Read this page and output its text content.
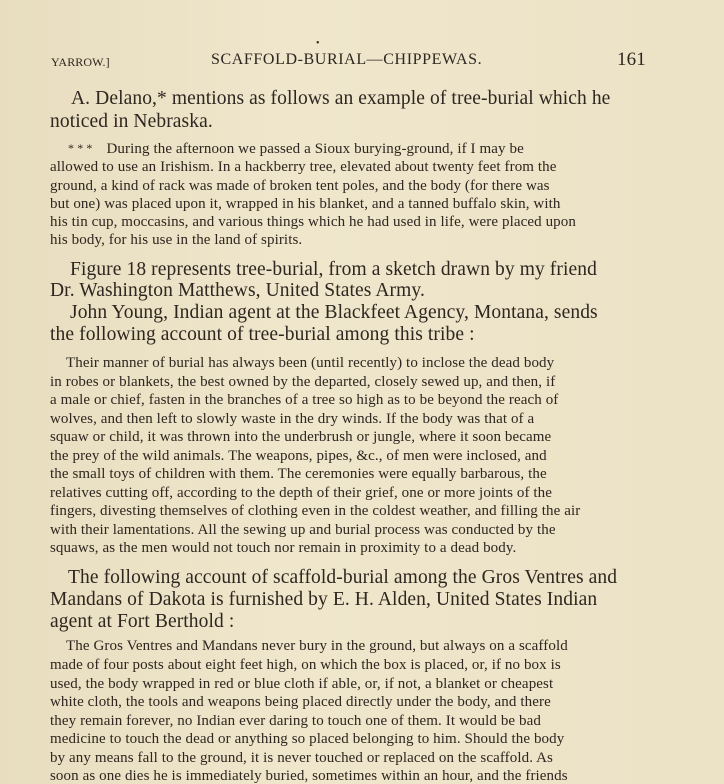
•
YARROW.]	SCAFFOLD-BURIAL—CHIPPEWAS.	161
A. Delano,* mentions as follows an example of tree-burial which he
noticed in Nebraska.
* * * During the afternoon we passed a Sioux burying-ground, if I may be
allowed to use an Irishism. In a hackberry tree, elevated about twenty feet from the
ground, a kind of rack was made of broken tent poles, and the body (for there was
but one) was placed upon it, wrapped in his blanket, and a tanned buffalo skin, with
his tin cup, moccasins, and various things which he had used in life, were placed upon
his body, for his use in the land of spirits.
Figure 18 represents tree-burial, from a sketch drawn by my friend
Dr. Washington Matthews, United States Army.
John Young, Indian agent at the Blackfeet Agency, Montana, sends
the following account of tree-burial among this tribe :
Their manner of burial has always been (until recently) to inclose the dead body
in robes or blankets, the best owned by the departed, closely sewed up, and then, if
a male or chief, fasten in the branches of a tree so high as to be beyond the reach of
wolves, and then left to slowly waste in the dry winds. If the body was that of a
squaw or child, it was thrown into the underbrush or jungle, where it soon became
the prey of the wild animals. The weapons, pipes, &c., of men were inclosed, and
the small toys of children with them. The ceremonies were equally barbarous, the
relatives cutting off, according to the depth of their grief, one or more joints of the
fingers, divesting themselves of clothing even in the coldest weather, and filling the air
with their lamentations. All the sewing up and burial process was conducted by the
squaws, as the men would not touch nor remain in proximity to a dead body.
The following account of scaffold-burial among the Gros Ventres and
Mandans of Dakota is furnished by E. H. Alden, United States Indian
agent at Fort Berthold :
The Gros Ventres and Mandans never bury in the ground, but always on a scaffold
made of four posts about eight feet high, on which the box is placed, or, if no box is
used, the body wrapped in red or blue cloth if able, or, if not, a blanket or cheapest
white cloth, the tools and weapons being placed directly under the body, and there
they remain forever, no Indian ever daring to touch one of them. It would be bad
medicine to touch the dead or anything so placed belonging to him. Should the body
by any means fall to the ground, it is never touched or replaced on the scaffold. As
soon as one dies he is immediately buried, sometimes within an hour, and the friends
